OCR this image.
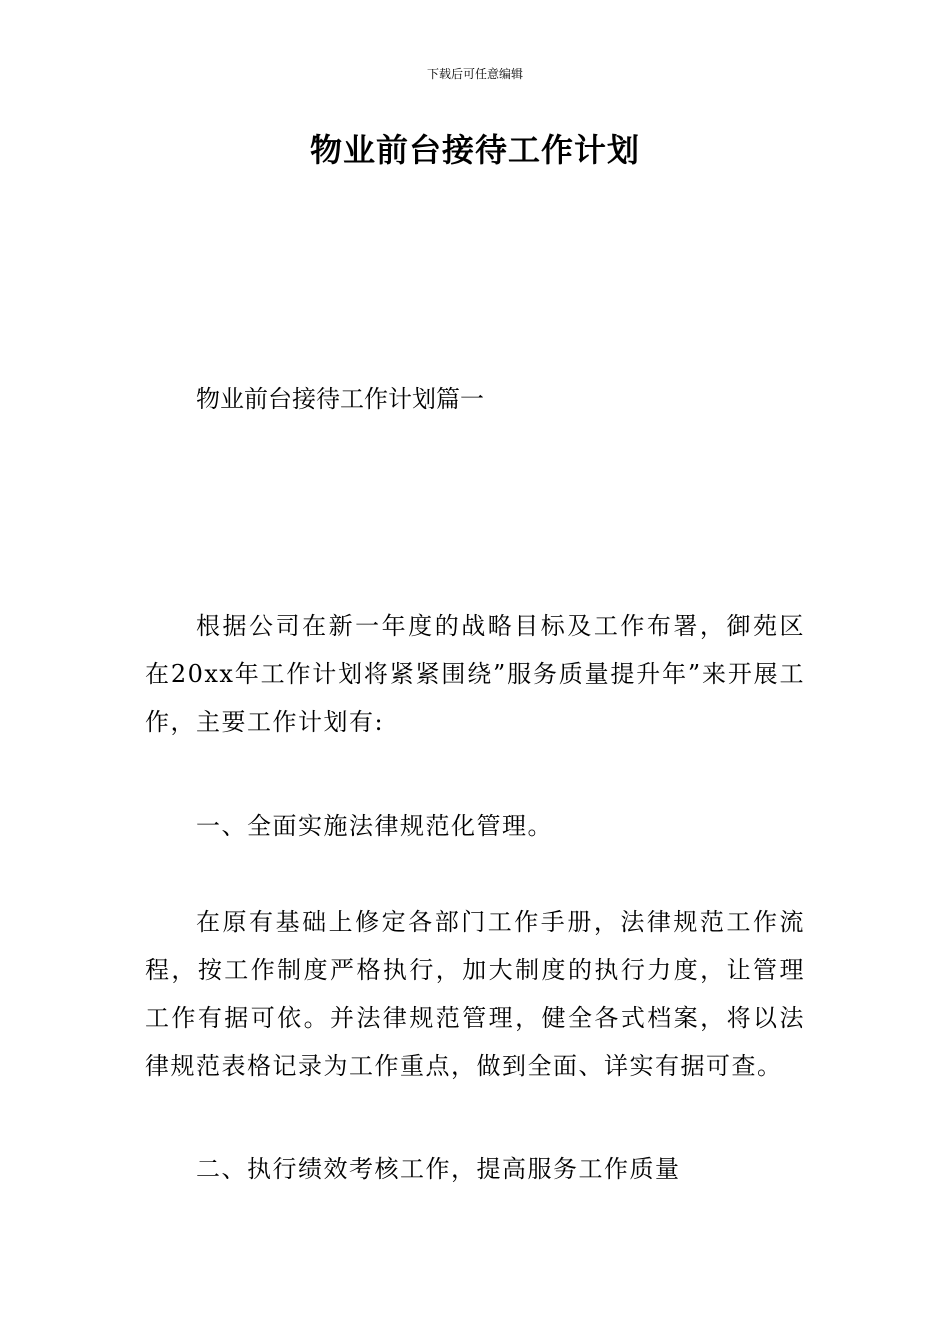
下载后可任意编辑
物业前台接待工作计划
物业前台接待工作计划篇一

根据公司在新一年度的战略目标及工作布署，御苑区在20xx年工作计划将紧紧围绕”服务质量提升年”来开展工作，主要工作计划有:

一、全面实施法律规范化管理。

在原有基础上修定各部门工作手册，法律规范工作流程，按工作制度严格执行，加大制度的执行力度，让管理工作有据可依。并法律规范管理，健全各式档案，将以法律规范表格记录为工作重点，做到全面、详实有据可查。

二、执行绩效考核工作，提高服务工作质量
